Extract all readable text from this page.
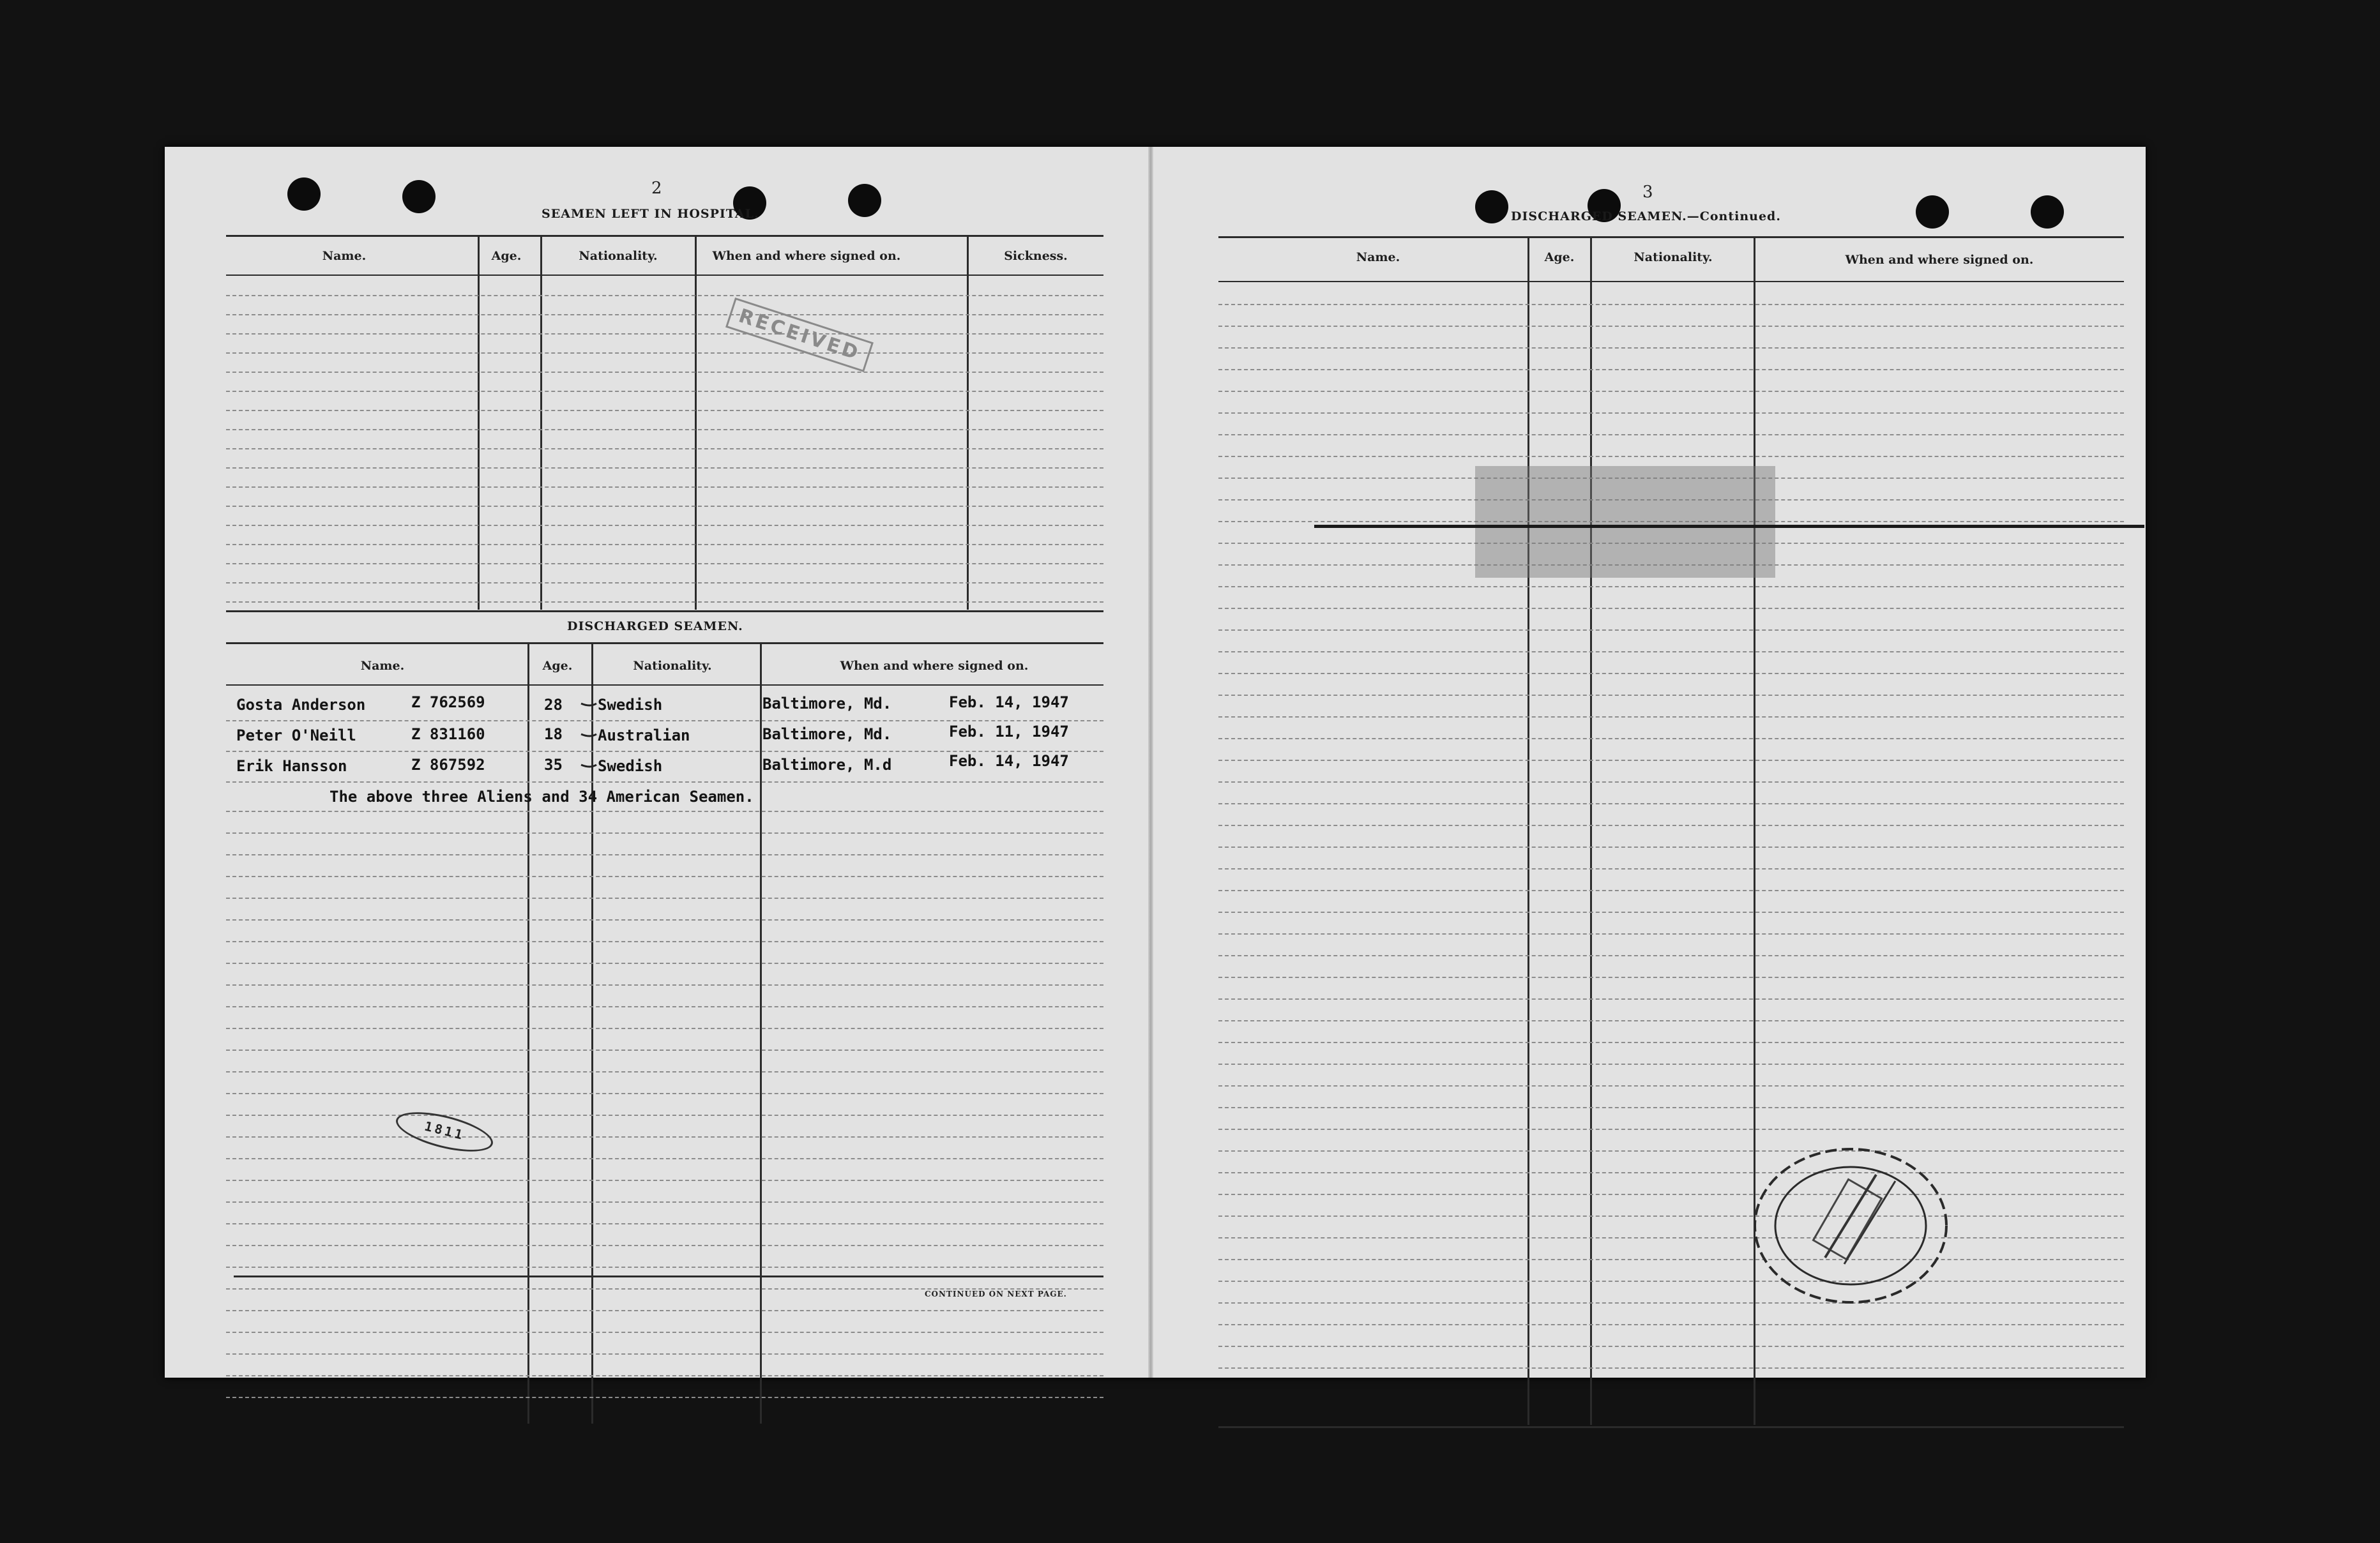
2
SEAMEN LEFT IN HOSPITAL.
Name.	Age.	Nationality.	When and where signed on.	Sickness.
RECEIVED
DISCHARGED SEAMEN.
Name.	Age.	Nationality.	When and where signed on.
Gosta Anderson	Z 762569	28 Swedish	Baltimore, Md.	Feb. 14, 1947
Peter O'Neill	Z 831160	18 Australian	Baltimore, Md.	Feb. 11, 1947
Erik Hansson	Z 867592	35 Swedish	Baltimore, M.d	Feb. 14, 1947
The above three Aliens and 34 American Seamen.
1811
CONTINUED ON NEXT PAGE.
3
DISCHARGED SEAMEN.—Continued.
Name.	Age.	Nationality.	When and where signed on.
